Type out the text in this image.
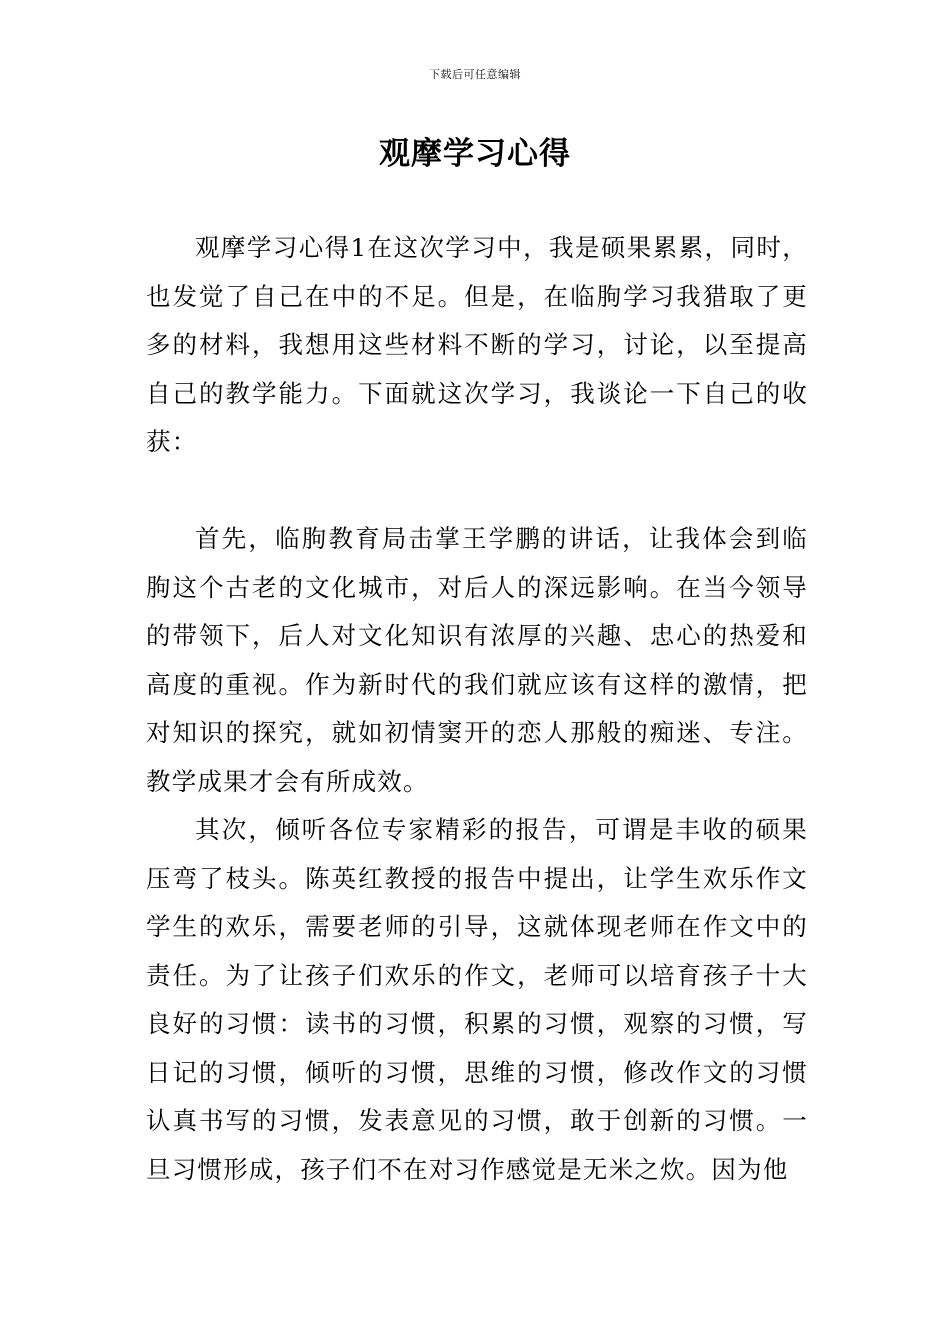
下载后可任意编辑
观摩学习心得

观摩学习心得1在这次学习中，我是硕果累累，同时，也发觉了自己在中的不足。但是，在临朐学习我猎取了更多的材料，我想用这些材料不断的学习，讨论，以至提高自己的教学能力。下面就这次学习，我谈论一下自己的收获：

首先，临朐教育局击掌王学鹏的讲话，让我体会到临朐这个古老的文化城市，对后人的深远影响。在当今领导的带领下，后人对文化知识有浓厚的兴趣、忠心的热爱和高度的重视。作为新时代的我们就应该有这样的激情，把对知识的探究，就如初情窦开的恋人那般的痴迷、专注。教学成果才会有所成效。

其次，倾听各位专家精彩的报告，可谓是丰收的硕果压弯了枝头。陈英红教授的报告中提出，让学生欢乐作文学生的欢乐，需要老师的引导，这就体现老师在作文中的责任。为了让孩子们欢乐的作文，老师可以培育孩子十大良好的习惯：读书的习惯，积累的习惯，观察的习惯，写日记的习惯，倾听的习惯，思维的习惯，修改作文的习惯认真书写的习惯，发表意见的习惯，敢于创新的习惯。一旦习惯形成，孩子们不在对习作感觉是无米之炊。因为他
